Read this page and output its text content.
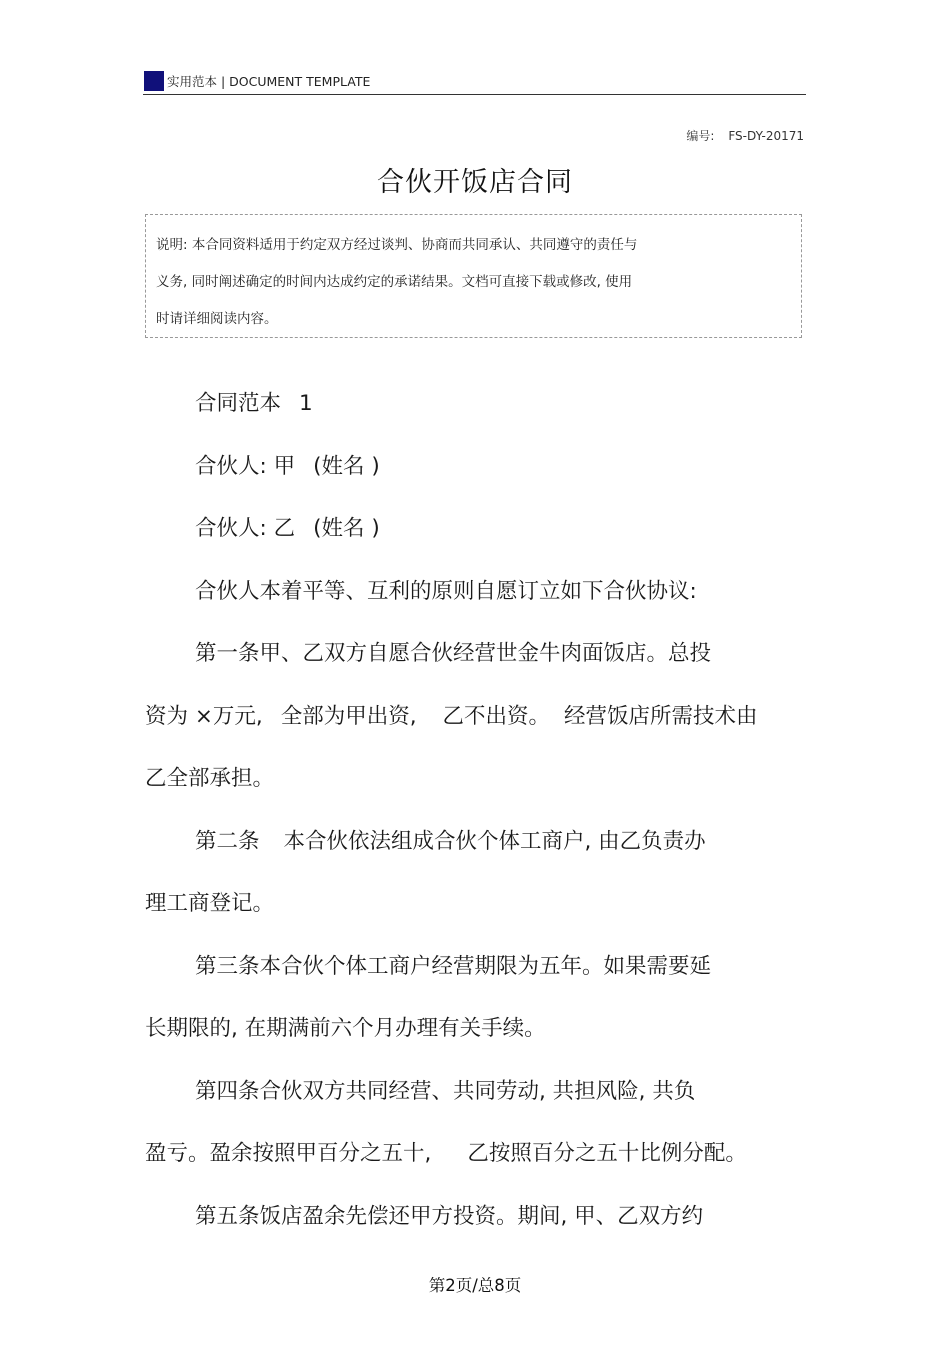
实用范本 | DOCUMENT TEMPLATE
编号: FS-DY-20171
合伙开饭店合同
说明: 本合同资料适用于约定双方经过谈判、协商而共同承认、共同遵守的责任与
义务, 同时阐述确定的时间内达成约定的承诺结果。文档可直接下载或修改, 使用
时请详细阅读内容。
合同范本 1
合伙人: 甲 (姓名 )
合伙人: 乙 (姓名 )
合伙人本着平等、互利的原则自愿订立如下合伙协议:
第一条甲、乙双方自愿合伙经营世金牛肉面饭店。总投
资为 ×万元, 全部为甲出资, 乙不出资。 经营饭店所需技术由
乙全部承担。
第二条 本合伙依法组成合伙个体工商户, 由乙负责办
理工商登记。
第三条本合伙个体工商户经营期限为五年。如果需要延
长期限的, 在期满前六个月办理有关手续。
第四条合伙双方共同经营、共同劳动, 共担风险, 共负
盈亏。盈余按照甲百分之五十, 乙按照百分之五十比例分配。
第五条饭店盈余先偿还甲方投资。期间, 甲、乙双方约
第2页/总8页
